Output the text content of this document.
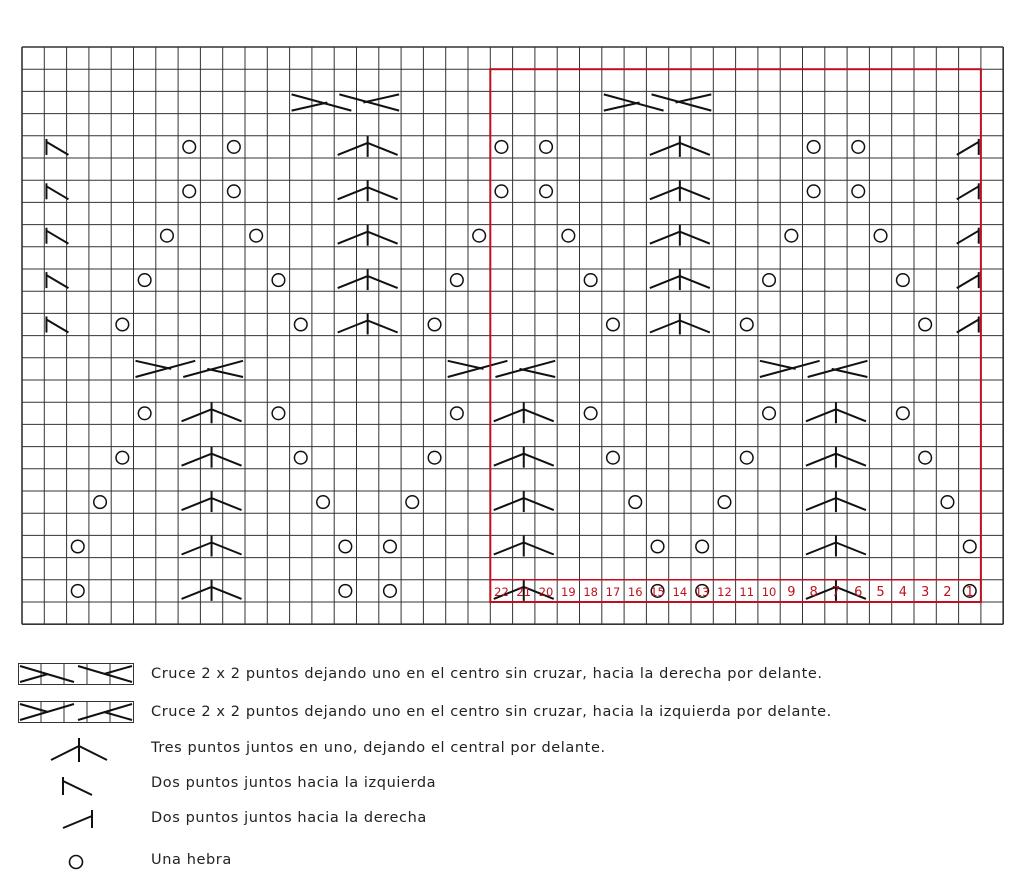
22 21 20 19 18 17 16 15 14 13 12 11 10 9 8 7 6 5 4 3 2 1
Cruce 2 x 2 puntos dejando uno en el centro sin cruzar, hacia la derecha por delante.
Cruce 2 x 2 puntos dejando uno en el centro sin cruzar, hacia la izquierda por delante.
Tres puntos juntos en uno, dejando el central por delante.
Dos puntos juntos hacia la izquierda
Dos puntos juntos hacia la derecha
Una hebra
